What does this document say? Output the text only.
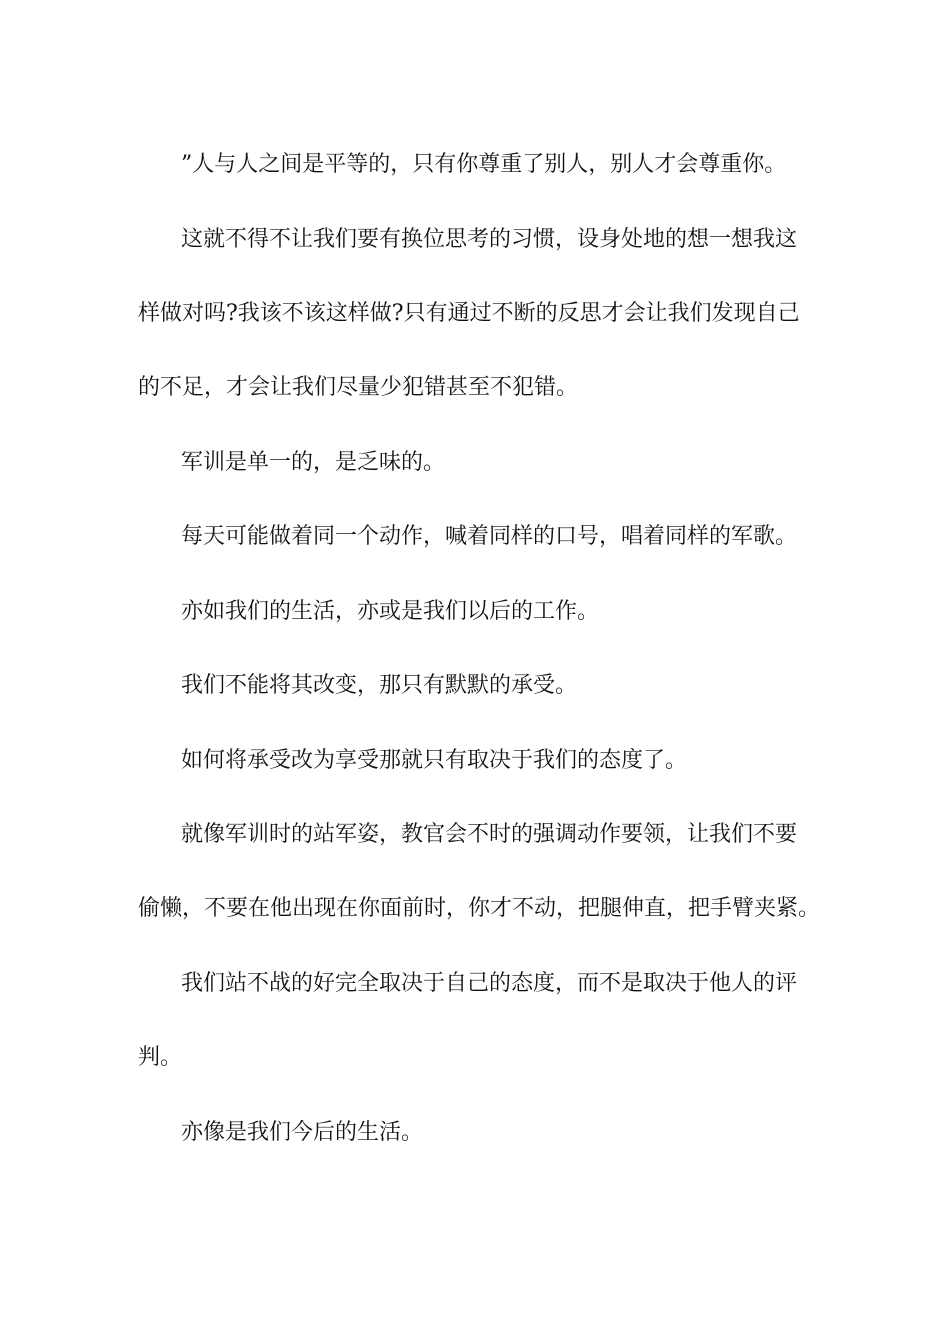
”人与人之间是平等的，只有你尊重了别人，别人才会尊重你。
这就不得不让我们要有换位思考的习惯，设身处地的想一想我这
样做对吗?我该不该这样做?只有通过不断的反思才会让我们发现自己
的不足，才会让我们尽量少犯错甚至不犯错。
军训是单一的，是乏味的。
每天可能做着同一个动作，喊着同样的口号，唱着同样的军歌。
亦如我们的生活，亦或是我们以后的工作。
我们不能将其改变，那只有默默的承受。
如何将承受改为享受那就只有取决于我们的态度了。
就像军训时的站军姿，教官会不时的强调动作要领，让我们不要
偷懒，不要在他出现在你面前时，你才不动，把腿伸直，把手臂夹紧。
我们站不战的好完全取决于自己的态度，而不是取决于他人的评
判。
亦像是我们今后的生活。
